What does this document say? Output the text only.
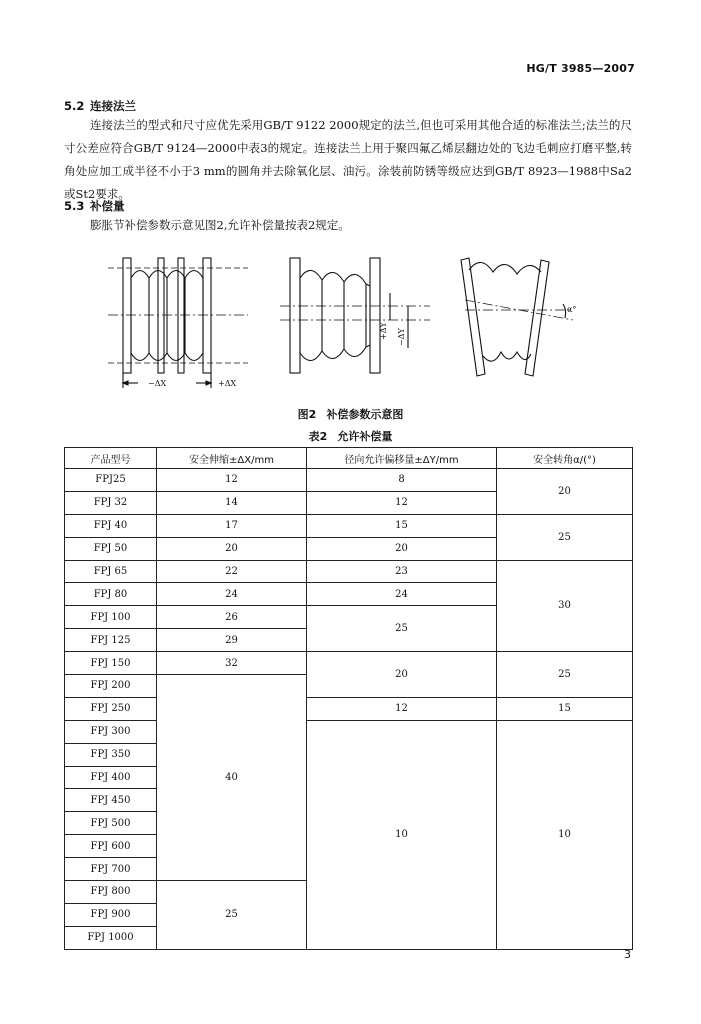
HG/T 3985—2007
5.2 连接法兰
连接法兰的型式和尺寸应优先采用GB/T 9122 2000规定的法兰,但也可采用其他合适的标准法兰;法兰的尺寸公差应符合GB/T 9124—2000中表3的规定。连接法兰上用于聚四氟乙烯层翻边处的飞边毛刺应打磨平整,转角处应加工成半径不小于3 mm的圆角并去除氧化层、油污。涂装前防锈等级应达到GB/T 8923—1988中Sa2或St2要求。
5.3 补偿量
膨胀节补偿参数示意见图2,允许补偿量按表2规定。
−ΔX	+ΔX
+ΔY −ΔY
α°
图2 补偿参数示意图
表2 允许补偿量
产品型号	安全伸缩±ΔX/mm	径向允许偏移量±ΔY/mm	安全转角α/(°)
FPJ25	12	8	20
FPJ 32	14	12	
FPJ 40	17	15	25
FPJ 50	20	20	
FPJ 65	22	23	30
FPJ 80	24	24	
FPJ 100	26	25	
FPJ 125	29		
FPJ 150	32	20	25
FPJ 200	40		
FPJ 250		12	15
FPJ 300		10	10
FPJ 350			
FPJ 400			
FPJ 450			
FPJ 500			
FPJ 600			
FPJ 700			
FPJ 800	25		
FPJ 900			
FPJ 1000			
3
